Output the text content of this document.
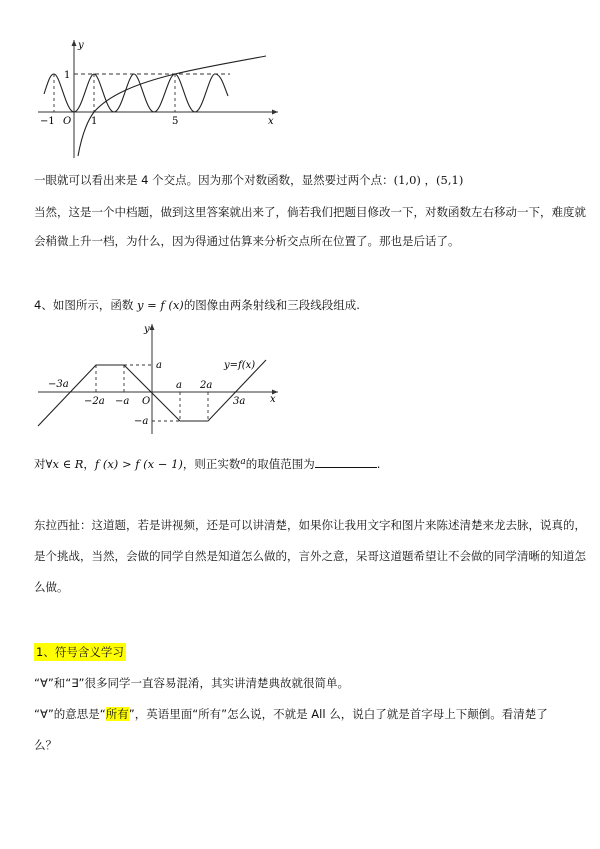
y
x
1
−1 O 1	5
一眼就可以看出来是 4 个交点。因为那个对数函数，显然要过两个点：(1,0) ，(5,1)
当然，这是一个中档题，做到这里答案就出来了，倘若我们把题目修改一下，对数函数左右移动一下，难度就
会稍微上升一档，为什么，因为得通过估算来分析交点所在位置了。那也是后话了。
4、如图所示，函数 y = f (x)的图像由两条射线和三段线段组成.
y
x
a	y=f(x)
−3a
−2a −a O
a 2a
3a
−a
对∀x ∈ R，f (x) > f (x − 1)，则正实数$^a$的取值范围为	.
东拉西扯：这道题，若是讲视频，还是可以讲清楚，如果你让我用文字和图片来陈述清楚来龙去脉，说真的，
是个挑战，当然，会做的同学自然是知道怎么做的，言外之意，呆哥这道题希望让不会做的同学清晰的知道怎
么做。
1、符号含义学习
“∀”和“∃”很多同学一直容易混淆，其实讲清楚典故就很简单。
“∀”的意思是“所有”，英语里面“所有”怎么说，不就是 All 么，说白了就是首字母上下颠倒。看清楚了
么？
